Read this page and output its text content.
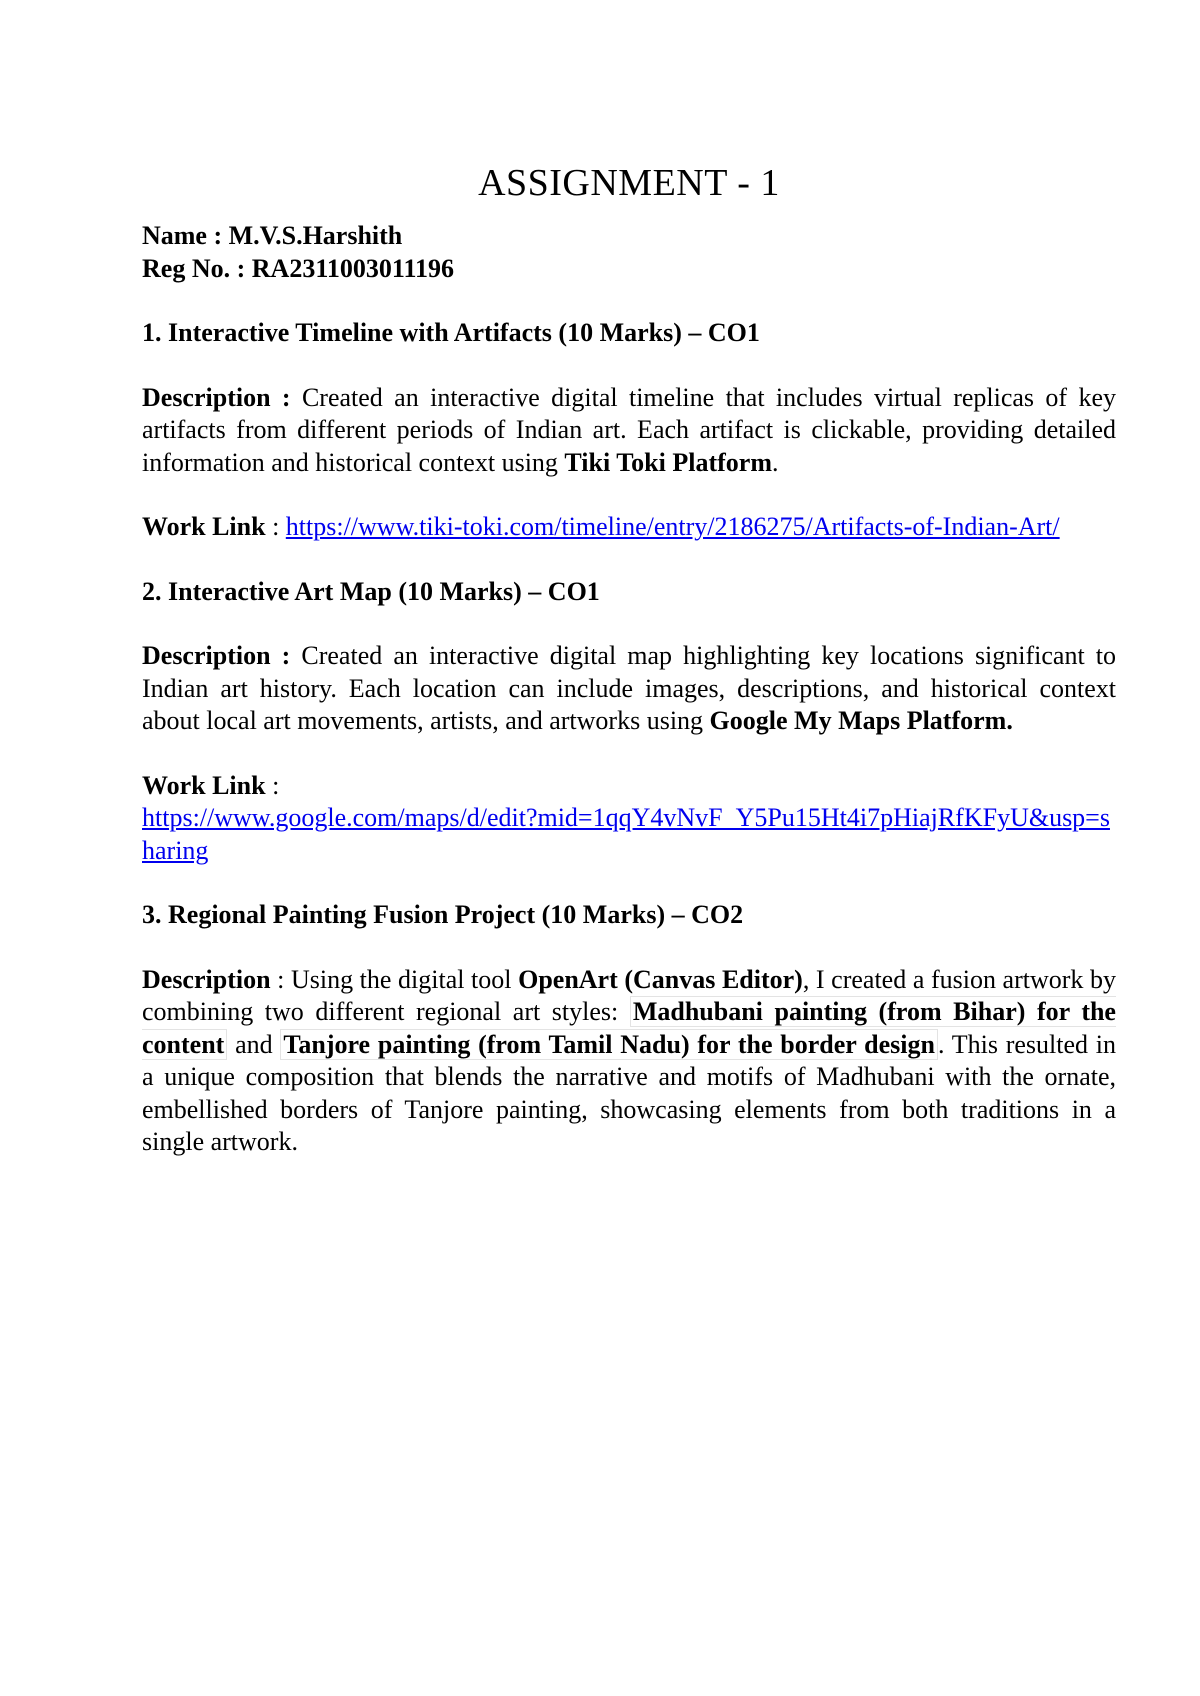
ASSIGNMENT - 1

Name : M.V.S.Harshith

Reg No. : RA2311003011196

1. Interactive Timeline with Artifacts (10 Marks) – CO1

Description : Created an interactive digital timeline that includes virtual replicas of key artifacts from different periods of Indian art. Each artifact is clickable, providing detailed information and historical context using Tiki Toki Platform.

Work Link : https://www.tiki-toki.com/timeline/entry/2186275/Artifacts-of-Indian-Art/

2. Interactive Art Map (10 Marks) – CO1

Description : Created an interactive digital map highlighting key locations significant to Indian art history. Each location can include images, descriptions, and historical context about local art movements, artists, and artworks using Google My Maps Platform.

Work Link :
https://www.google.com/maps/d/edit?mid=1qqY4vNvF_Y5Pu15Ht4i7pHiajRfKFyU&usp=sharing

3. Regional Painting Fusion Project (10 Marks) – CO2

Description : Using the digital tool OpenArt (Canvas Editor), I created a fusion artwork by combining two different regional art styles: Madhubani painting (from Bihar) for the content and Tanjore painting (from Tamil Nadu) for the border design . This resulted in a unique composition that blends the narrative and motifs of Madhubani with the ornate, embellished borders of Tanjore painting, showcasing elements from both traditions in a single artwork.
